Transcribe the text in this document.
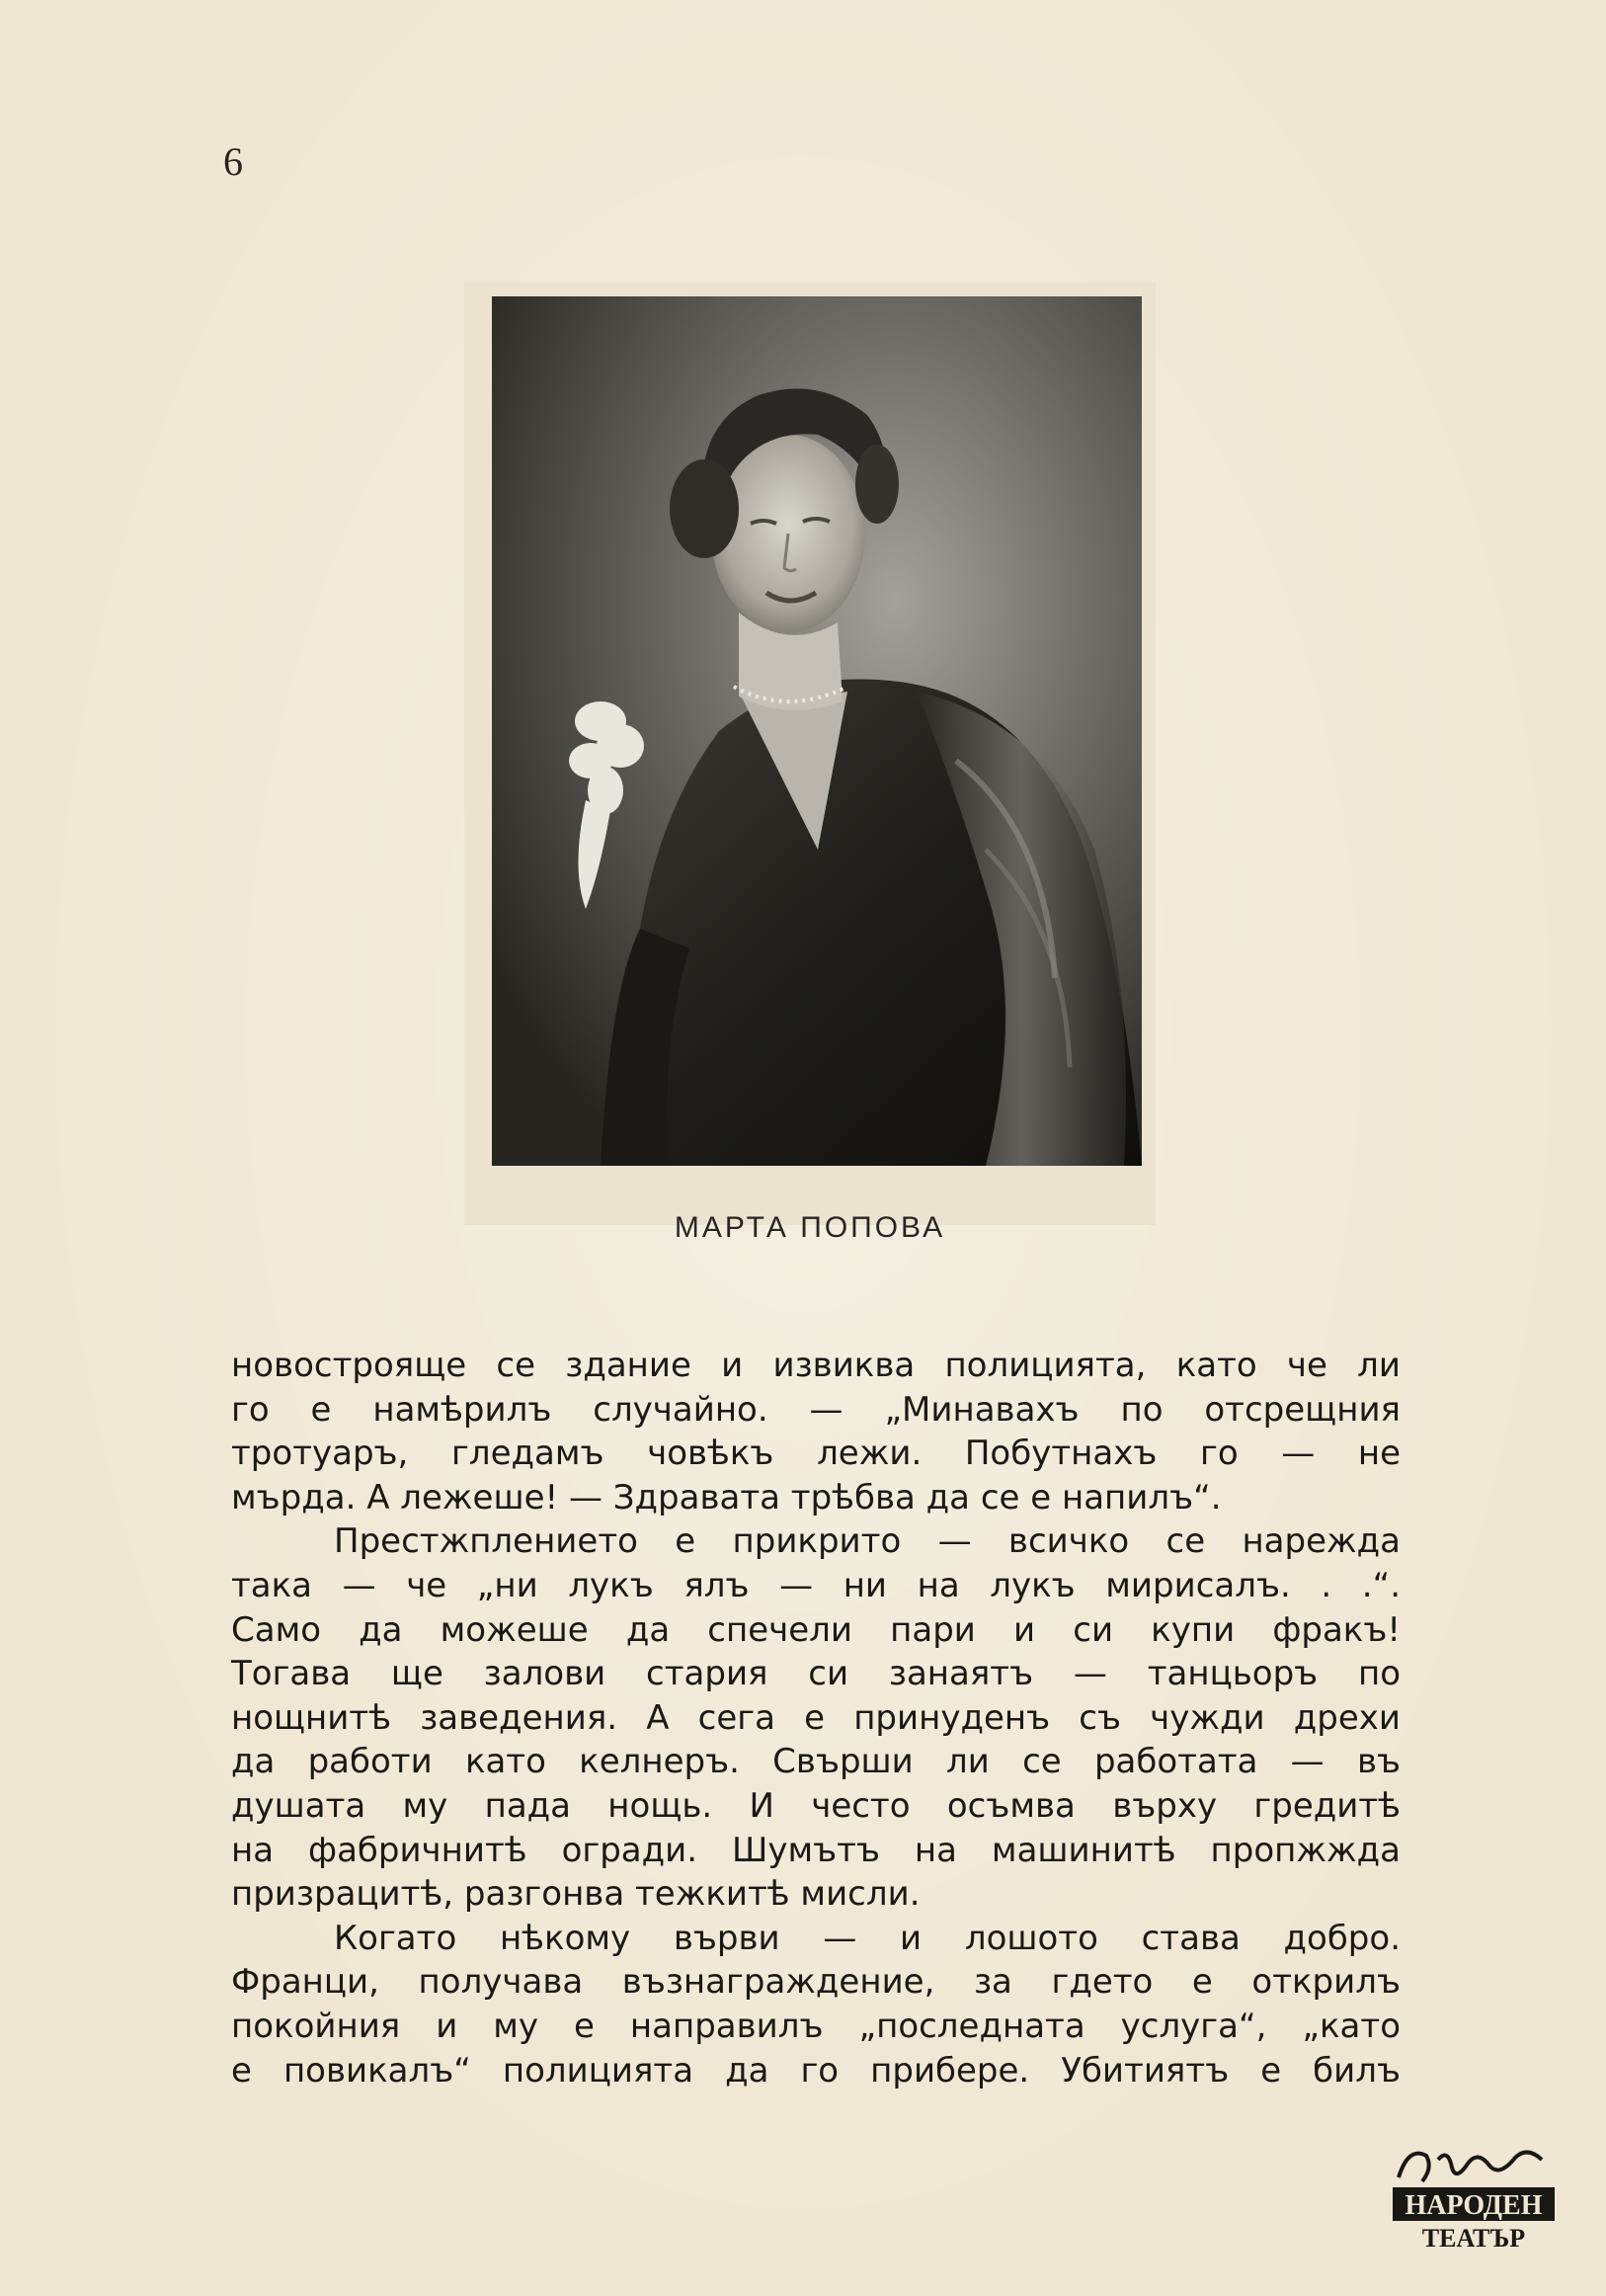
6
МАРТА ПОПОВА
новостроящe се здание и извиква полицията, като че ли
го е намѣрилъ случайно. — „Минавахъ по отсрещния
тротуаръ, гледамъ човѣкъ лежи. Побутнахъ го — не
мърда. А лежеше! — Здравата трѣбва да се е напилъ“.
Престжплението е прикрито — всичко се нарежда
така — че „ни лукъ ялъ — ни на лукъ мирисалъ. . .“.
Само да можеше да спечели пари и си купи фракъ!
Тогава ще залови стария си занаятъ — танцьоръ по
нощнитѣ заведения. А сега е принуденъ съ чужди дрехи
да работи като келнеръ. Свърши ли се работата — въ
душата му пада нощь. И често осъмва върху гредитѣ
на фабричнитѣ огради. Шумътъ на машинитѣ пропжжда
призрацитѣ, разгонва тежкитѣ мисли.
Когато нѣкому върви — и лошото става добро.
Франци, получава възнаграждение, за гдето е открилъ
покойния и му е направилъ „последната услуга“, „като
е повикалъ“ полицията да го прибере. Убитиятъ е билъ
НАРОДЕН
ТЕАТЪР
